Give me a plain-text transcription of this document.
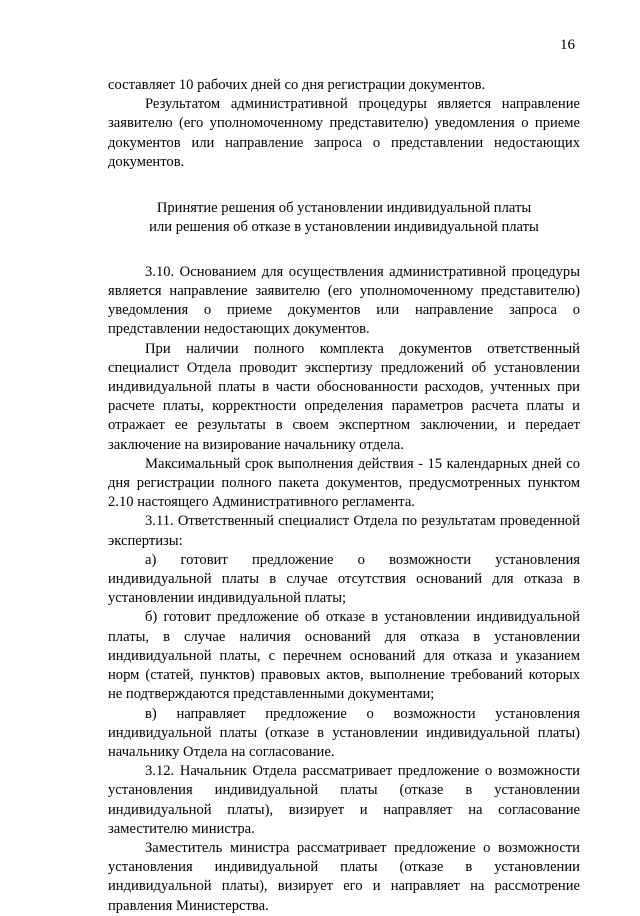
16

составляет 10 рабочих дней со дня регистрации документов.

Результатом административной процедуры является направление заявителю (его уполномоченному представителю) уведомления о приеме документов или направление запроса о представлении недостающих документов.

Принятие решения об установлении индивидуальной платы
или решения об отказе в установлении индивидуальной платы

3.10. Основанием для осуществления административной процедуры является направление заявителю (его уполномоченному представителю) уведомления о приеме документов или направление запроса о представлении недостающих документов.

При наличии полного комплекта документов ответственный специалист Отдела проводит экспертизу предложений об установлении индивидуальной платы в части обоснованности расходов, учтенных при расчете платы, корректности определения параметров расчета платы и отражает ее результаты в своем экспертном заключении, и передает заключение на визирование начальнику отдела.

Максимальный срок выполнения действия - 15 календарных дней со дня регистрации полного пакета документов, предусмотренных пунктом 2.10 настоящего Административного регламента.

3.11. Ответственный специалист Отдела по результатам проведенной экспертизы:

а) готовит предложение о возможности установления индивидуальной платы в случае отсутствия оснований для отказа в установлении индивидуальной платы;

б) готовит предложение об отказе в установлении индивидуальной платы, в случае наличия оснований для отказа в установлении индивидуальной платы, с перечнем оснований для отказа и указанием норм (статей, пунктов) правовых актов, выполнение требований которых не подтверждаются представленными документами;

в) направляет предложение о возможности установления индивидуальной платы (отказе в установлении индивидуальной платы) начальнику Отдела на согласование.

3.12. Начальник Отдела рассматривает предложение о возможности установления индивидуальной платы (отказе в установлении индивидуальной платы), визирует и направляет на согласование заместителю министра.

Заместитель министра рассматривает предложение о возможности установления индивидуальной платы (отказе в установлении индивидуальной платы), визирует его и направляет на рассмотрение правления Министерства.
